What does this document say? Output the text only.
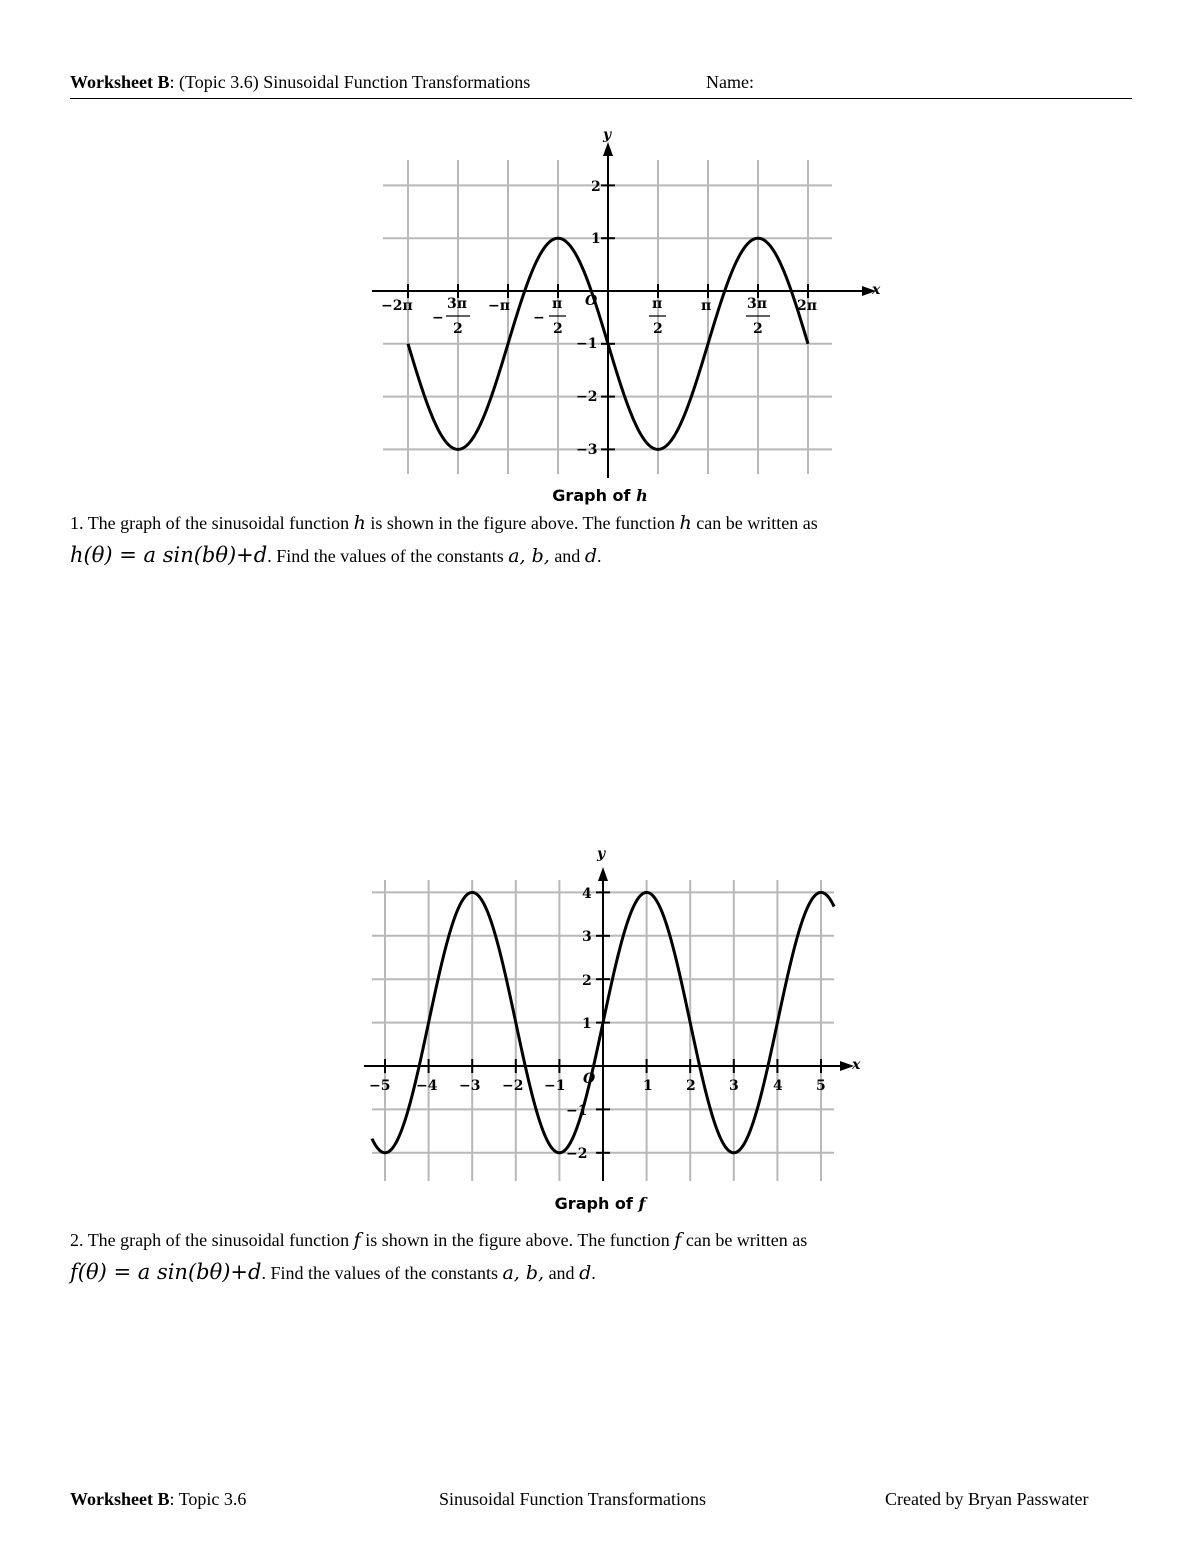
Worksheet B: (Topic 3.6) Sinusoidal Function Transformations	Name:
x
y
O
2
1
−1
−2
−3
−2π	−π	π	2π
−
3π
2
−
π
2
π
2
3π
2
Graph of h
1. The graph of the sinusoidal function h is shown in the figure above. The function h can be written as
h(θ) = a sin(bθ)+d. Find the values of the constants a, b, and d.
x
y
O
4
3
2
1
−1
−2
−5 −4 −3 −2 −1	1 2 3 4 5
Graph of f
2. The graph of the sinusoidal function f is shown in the figure above. The function f can be written as
f(θ) = a sin(bθ)+d. Find the values of the constants a, b, and d.
Worksheet B: Topic 3.6	Sinusoidal Function Transformations	Created by Bryan Passwater
